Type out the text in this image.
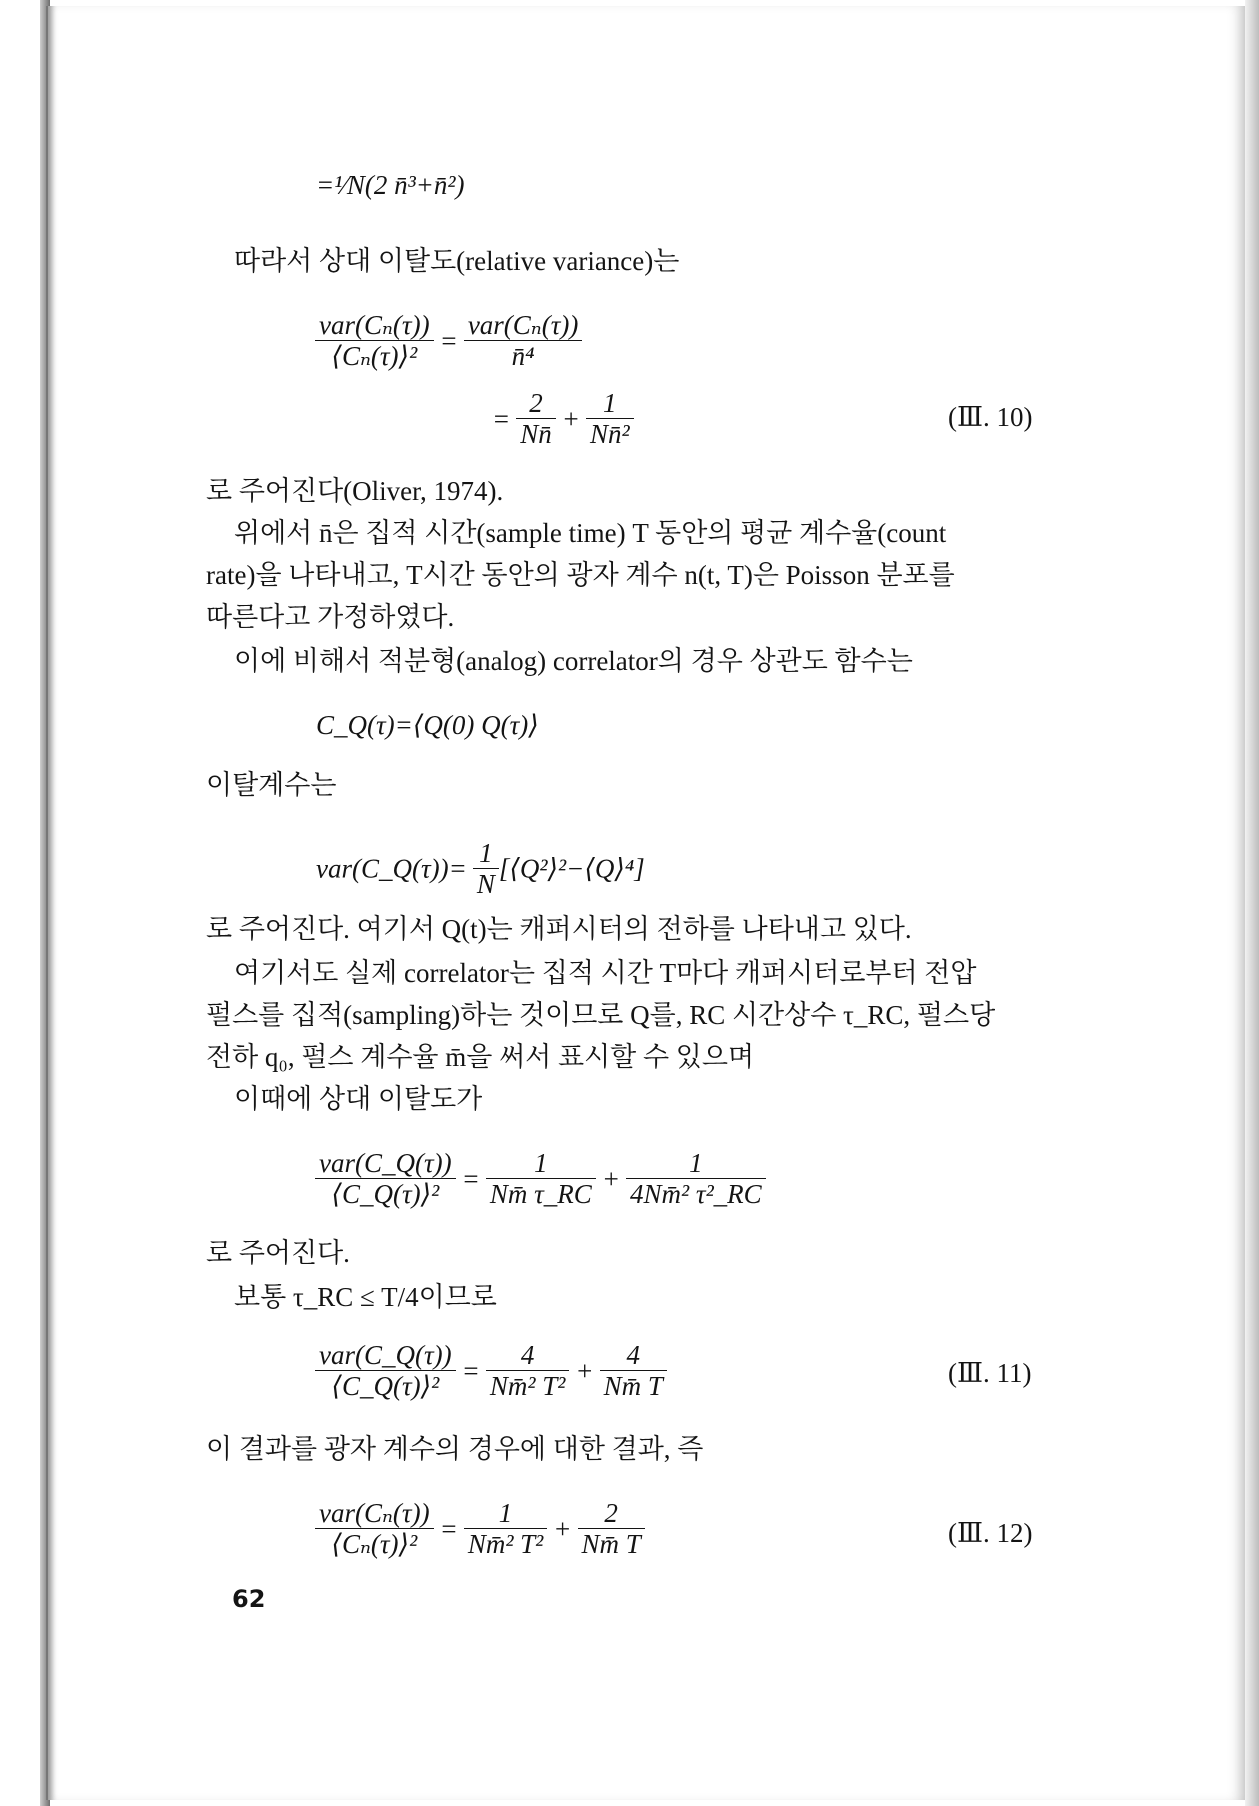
=¹⁄N(2 n̄³+n̄²)
따라서 상대 이탈도(relative variance)는
$\frac{\text{var(Cₙ(τ))}}{\text{⟨Cₙ(τ)⟩²}} = \frac{\text{var(Cₙ(τ))}}{\text{n̄⁴}}$
= $\frac{2}{Nn̄} + \frac{1}{\text{Nn̄²}}$	(Ⅲ. 10)
로 주어진다(Oliver, 1974).
위에서 n̄은 집적 시간(sample time) T 동안의 평균 계수율(count
rate)을 나타내고, T시간 동안의 광자 계수 n(t, T)은 Poisson 분포를
따른다고 가정하였다.
이에 비해서 적분형(analog) correlator의 경우 상관도 함수는
C_Q(τ)=⟨Q(0) Q(τ)⟩
이탈계수는
var(C_Q(τ))= $\frac{1}{N}$ [⟨Q²⟩²−⟨Q⟩⁴]
로 주어진다. 여기서 Q(t)는 캐퍼시터의 전하를 나타내고 있다.
여기서도 실제 correlator는 집적 시간 T마다 캐퍼시터로부터 전압
펄스를 집적(sampling)하는 것이므로 Q를, RC 시간상수 τ_RC, 펄스당
전하 q₀, 펄스 계수율 m̄을 써서 표시할 수 있으며
이때에 상대 이탈도가
$\frac{\text{var(C\_Q(τ))}}{\text{⟨C\_Q(τ)⟩²}} = \frac{1}{Nm̄ \tau\_RC} + \frac{1}{\text{4Nm̄² τ²\_RC}}$
로 주어진다.
보통 τ_RC ≤ T/4이므로
$\frac{\text{var(C\_Q(τ))}}{\text{⟨C\_Q(τ)⟩²}} = \frac{4}{\text{Nm̄² T²}} + \frac{4}{Nm̄ T}$	(Ⅲ. 11)
이 결과를 광자 계수의 경우에 대한 결과, 즉
$\frac{\text{var(Cₙ(τ))}}{\text{⟨Cₙ(τ)⟩²}} = \frac{1}{\text{Nm̄² T²}} + \frac{2}{Nm̄ T}$	(Ⅲ. 12)
62
